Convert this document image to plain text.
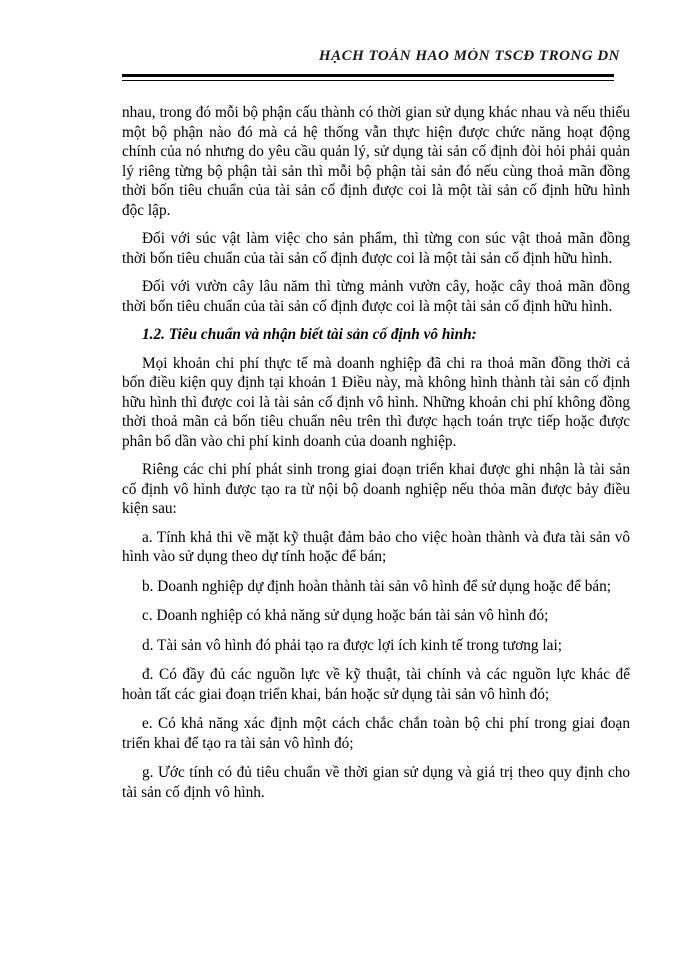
HẠCH TOÁN HAO MÒN TSCĐ TRONG DN

nhau, trong đó mỗi bộ phận cấu thành có thời gian sử dụng khác nhau và nếu thiếu một bộ phận nào đó mà cả hệ thống vẫn thực hiện được chức năng hoạt động chính của nó nhưng do yêu cầu quản lý, sử dụng tài sản cố định đòi hỏi phải quản lý riêng từng bộ phận tài sản thì mỗi bộ phận tài sản đó nếu cùng thoả mãn đồng thời bốn tiêu chuẩn của tài sản cố định được coi là một tài sản cố định hữu hình độc lập.

Đối với súc vật làm việc cho sản phẩm, thì từng con súc vật thoả mãn đồng thời bốn tiêu chuẩn của tài sản cố định được coi là một tài sản cố định hữu hình.

Đối với vườn cây lâu năm thì từng mảnh vườn cây, hoặc cây thoả mãn đồng thời bốn tiêu chuẩn của tài sản cố định được coi là một tài sản cố định hữu hình.

1.2. Tiêu chuẩn và nhận biết tài sản cố định vô hình:

Mọi khoản chi phí thực tế mà doanh nghiệp đã chi ra thoả mãn đồng thời cả bốn điều kiện quy định tại khoản 1 Điều này, mà không hình thành tài sản cố định hữu hình thì được coi là tài sản cố định vô hình. Những khoản chi phí không đồng thời thoả mãn cả bốn tiêu chuẩn nêu trên thì được hạch toán trực tiếp hoặc được phân bổ dần vào chi phí kinh doanh của doanh nghiệp.

Riêng các chi phí phát sinh trong giai đoạn triển khai được ghi nhận là tài sản cố định vô hình được tạo ra từ nội bộ doanh nghiệp nếu thỏa mãn được bảy điều kiện sau:

a. Tính khả thi về mặt kỹ thuật đảm bảo cho việc hoàn thành và đưa tài sản vô hình vào sử dụng theo dự tính hoặc để bán;

b. Doanh nghiệp dự định hoàn thành tài sản vô hình để sử dụng hoặc để bán;

c. Doanh nghiệp có khả năng sử dụng hoặc bán tài sản vô hình đó;

d. Tài sản vô hình đó phải tạo ra được lợi ích kinh tế trong tương lai;

đ. Có đầy đủ các nguồn lực về kỹ thuật, tài chính và các nguồn lực khác để hoàn tất các giai đoạn triển khai, bán hoặc sử dụng tài sản vô hình đó;

e. Có khả năng xác định một cách chắc chắn toàn bộ chi phí trong giai đoạn triển khai để tạo ra tài sản vô hình đó;

g. Ước tính có đủ tiêu chuẩn về thời gian sử dụng và giá trị theo quy định cho tài sản cố định vô hình.
